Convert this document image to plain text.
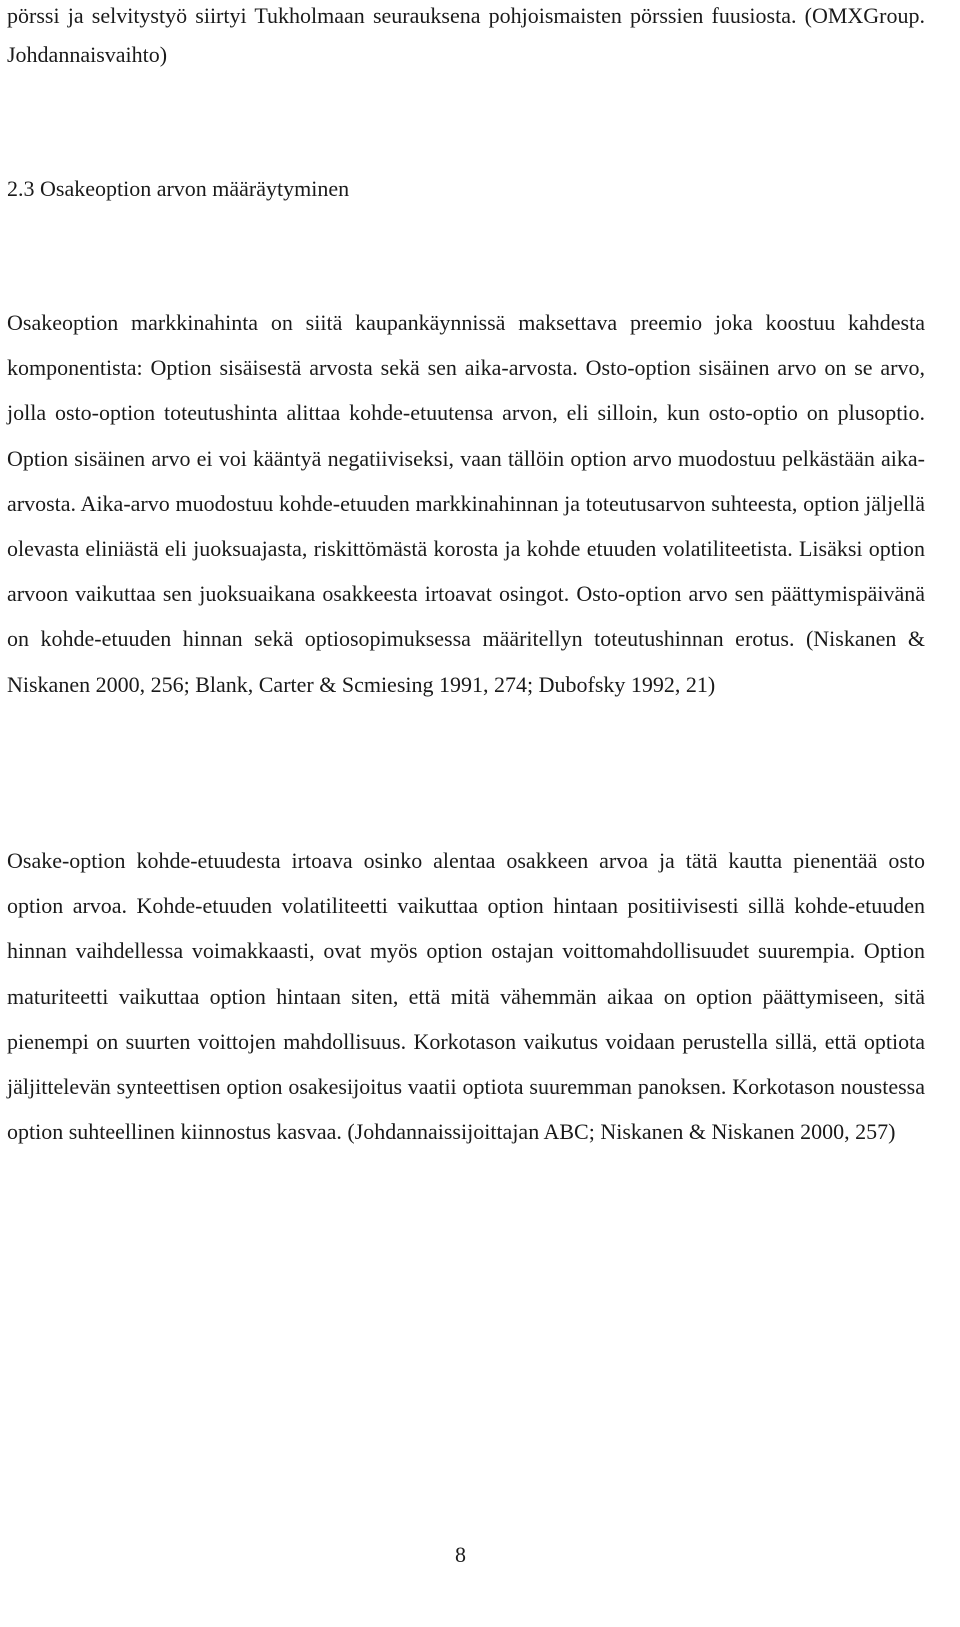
pörssi ja selvitystyö siirtyi Tukholmaan seurauksena pohjoismaisten pörssien fuusiosta. (OMXGroup. Johdannaisvaihto)

2.3 Osakeoption arvon määräytyminen

Osakeoption markkinahinta on siitä kaupankäynnissä maksettava preemio joka koostuu kahdesta komponentista: Option sisäisestä arvosta sekä sen aika-arvosta. Osto-option sisäinen arvo on se arvo, jolla osto-option toteutushinta alittaa kohde-etuutensa arvon, eli silloin, kun osto-optio on plusoptio. Option sisäinen arvo ei voi kääntyä negatiiviseksi, vaan tällöin option arvo muodostuu pelkästään aika-arvosta. Aika-arvo muodostuu kohde-etuuden markkinahinnan ja toteutusarvon suhteesta, option jäljellä olevasta eliniästä eli juoksuajasta, riskittömästä korosta ja kohde etuuden volatiliteetista. Lisäksi option arvoon vaikuttaa sen juoksuaikana osakkeesta irtoavat osingot. Osto-option arvo sen päättymispäivänä on kohde-etuuden hinnan sekä optiosopimuksessa määritellyn toteutushinnan erotus. (Niskanen & Niskanen 2000, 256; Blank, Carter & Scmiesing 1991, 274; Dubofsky 1992, 21)

Osake-option kohde-etuudesta irtoava osinko alentaa osakkeen arvoa ja tätä kautta pienentää osto option arvoa. Kohde-etuuden volatiliteetti vaikuttaa option hintaan positiivisesti sillä kohde-etuuden hinnan vaihdellessa voimakkaasti, ovat myös option ostajan voittomahdollisuudet suurempia. Option maturiteetti vaikuttaa option hintaan siten, että mitä vähemmän aikaa on option päättymiseen, sitä pienempi on suurten voittojen mahdollisuus. Korkotason vaikutus voidaan perustella sillä, että optiota jäljittelevän synteettisen option osakesijoitus vaatii optiota suuremman panoksen. Korkotason noustessa option suhteellinen kiinnostus kasvaa. (Johdannaissijoittajan ABC; Niskanen & Niskanen 2000, 257)

8
